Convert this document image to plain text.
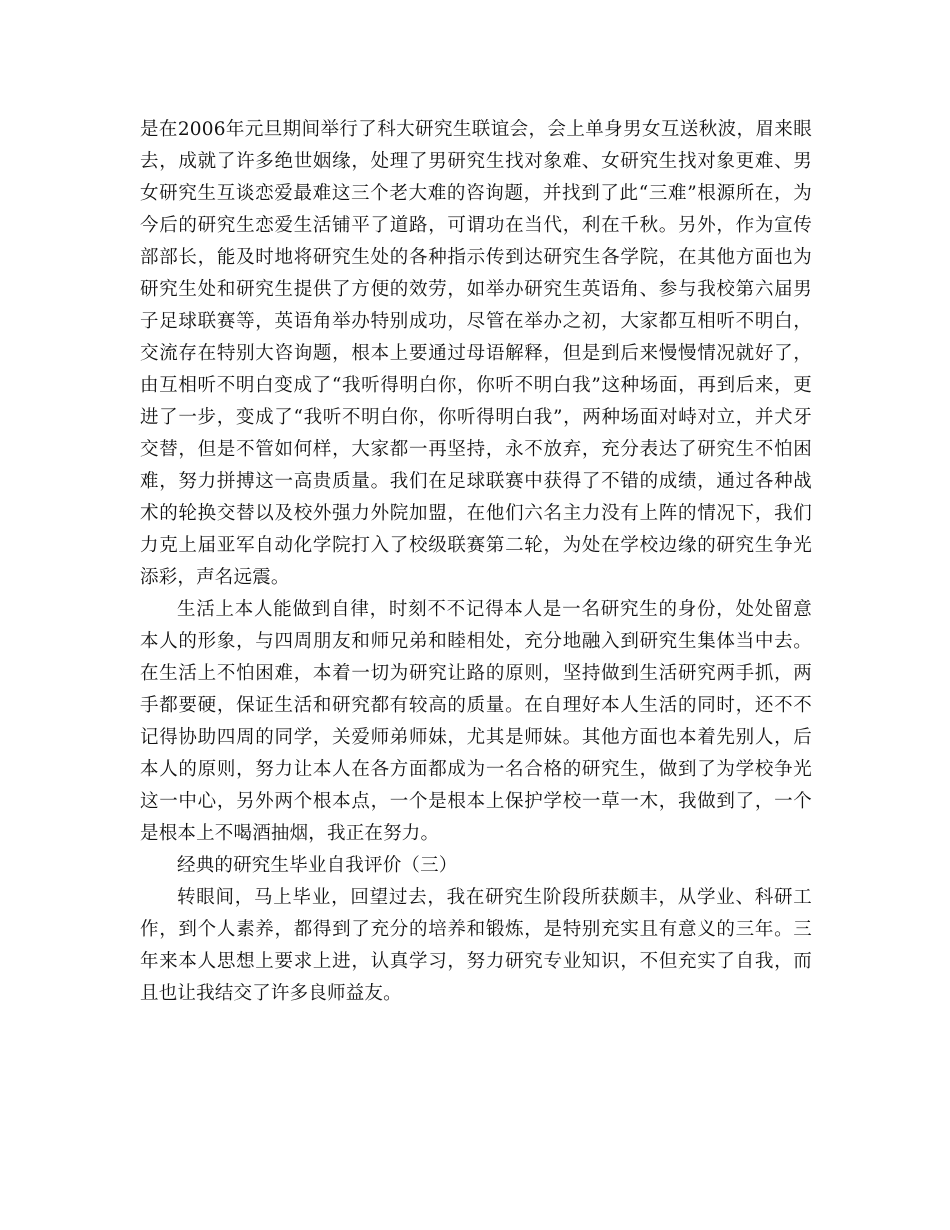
是在2006年元旦期间举行了科大研究生联谊会，会上单身男女互送秋波，眉来眼去，成就了许多绝世姻缘，处理了男研究生找对象难、女研究生找对象更难、男女研究生互谈恋爱最难这三个老大难的咨询题，并找到了此“三难”根源所在，为今后的研究生恋爱生活铺平了道路，可谓功在当代，利在千秋。另外，作为宣传部部长，能及时地将研究生处的各种指示传到达研究生各学院，在其他方面也为研究生处和研究生提供了方便的效劳，如举办研究生英语角、参与我校第六届男子足球联赛等，英语角举办特别成功，尽管在举办之初，大家都互相听不明白，交流存在特别大咨询题，根本上要通过母语解释，但是到后来慢慢情况就好了，由互相听不明白变成了“我听得明白你，你听不明白我”这种场面，再到后来，更进了一步，变成了“我听不明白你，你听得明白我”，两种场面对峙对立，并犬牙交替，但是不管如何样，大家都一再坚持，永不放弃，充分表达了研究生不怕困难，努力拼搏这一高贵质量。我们在足球联赛中获得了不错的成绩，通过各种战术的轮换交替以及校外强力外院加盟，在他们六名主力没有上阵的情况下，我们力克上届亚军自动化学院打入了校级联赛第二轮，为处在学校边缘的研究生争光添彩，声名远震。

生活上本人能做到自律，时刻不不记得本人是一名研究生的身份，处处留意本人的形象，与四周朋友和师兄弟和睦相处，充分地融入到研究生集体当中去。在生活上不怕困难，本着一切为研究让路的原则，坚持做到生活研究两手抓，两手都要硬，保证生活和研究都有较高的质量。在自理好本人生活的同时，还不不记得协助四周的同学，关爱师弟师妹，尤其是师妹。其他方面也本着先别人，后本人的原则，努力让本人在各方面都成为一名合格的研究生，做到了为学校争光这一中心，另外两个根本点，一个是根本上保护学校一草一木，我做到了，一个是根本上不喝酒抽烟，我正在努力。

经典的研究生毕业自我评价（三）

转眼间，马上毕业，回望过去，我在研究生阶段所获颇丰，从学业、科研工作，到个人素养，都得到了充分的培养和锻炼，是特别充实且有意义的三年。三年来本人思想上要求上进，认真学习，努力研究专业知识，不但充实了自我，而且也让我结交了许多良师益友。
